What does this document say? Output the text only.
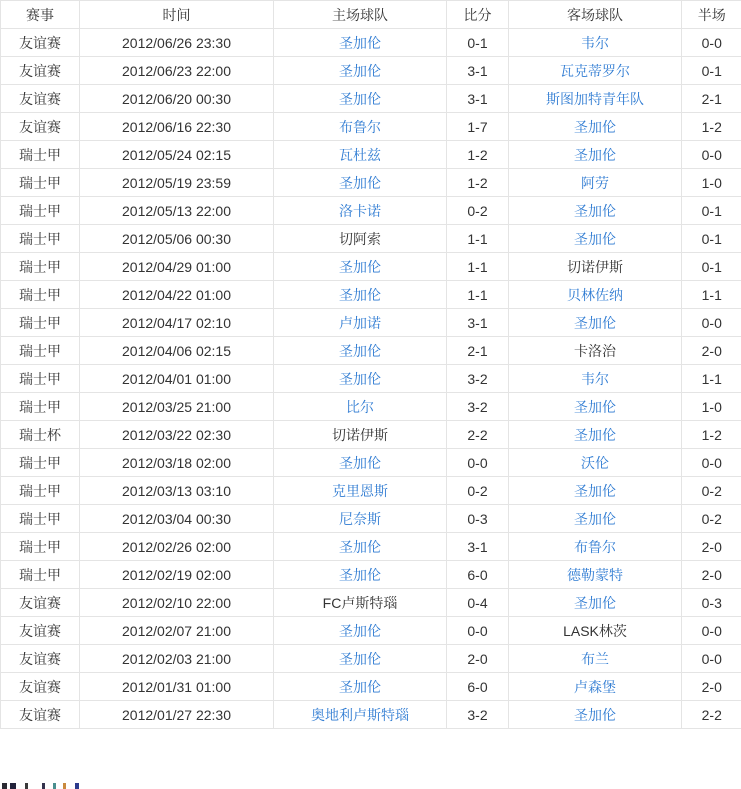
赛事	时间	主场球队	比分	客场球队	半场
友谊赛	2012/06/26 23:30	圣加伦	0-1	韦尔	0-0
友谊赛	2012/06/23 22:00	圣加伦	3-1	瓦克蒂罗尔	0-1
友谊赛	2012/06/20 00:30	圣加伦	3-1	斯图加特青年队	2-1
友谊赛	2012/06/16 22:30	布鲁尔	1-7	圣加伦	1-2
瑞士甲	2012/05/24 02:15	瓦杜兹	1-2	圣加伦	0-0
瑞士甲	2012/05/19 23:59	圣加伦	1-2	阿劳	1-0
瑞士甲	2012/05/13 22:00	洛卡诺	0-2	圣加伦	0-1
瑞士甲	2012/05/06 00:30	切阿索	1-1	圣加伦	0-1
瑞士甲	2012/04/29 01:00	圣加伦	1-1	切诺伊斯	0-1
瑞士甲	2012/04/22 01:00	圣加伦	1-1	贝林佐纳	1-1
瑞士甲	2012/04/17 02:10	卢加诺	3-1	圣加伦	0-0
瑞士甲	2012/04/06 02:15	圣加伦	2-1	卡洛治	2-0
瑞士甲	2012/04/01 01:00	圣加伦	3-2	韦尔	1-1
瑞士甲	2012/03/25 21:00	比尔	3-2	圣加伦	1-0
瑞士杯	2012/03/22 02:30	切诺伊斯	2-2	圣加伦	1-2
瑞士甲	2012/03/18 02:00	圣加伦	0-0	沃伦	0-0
瑞士甲	2012/03/13 03:10	克里恩斯	0-2	圣加伦	0-2
瑞士甲	2012/03/04 00:30	尼奈斯	0-3	圣加伦	0-2
瑞士甲	2012/02/26 02:00	圣加伦	3-1	布鲁尔	2-0
瑞士甲	2012/02/19 02:00	圣加伦	6-0	德勒蒙特	2-0
友谊赛	2012/02/10 22:00	FC卢斯特瑙	0-4	圣加伦	0-3
友谊赛	2012/02/07 21:00	圣加伦	0-0	LASK林茨	0-0
友谊赛	2012/02/03 21:00	圣加伦	2-0	布兰	0-0
友谊赛	2012/01/31 01:00	圣加伦	6-0	卢森堡	2-0
友谊赛	2012/01/27 22:30	奥地利卢斯特瑙	3-2	圣加伦	2-2
